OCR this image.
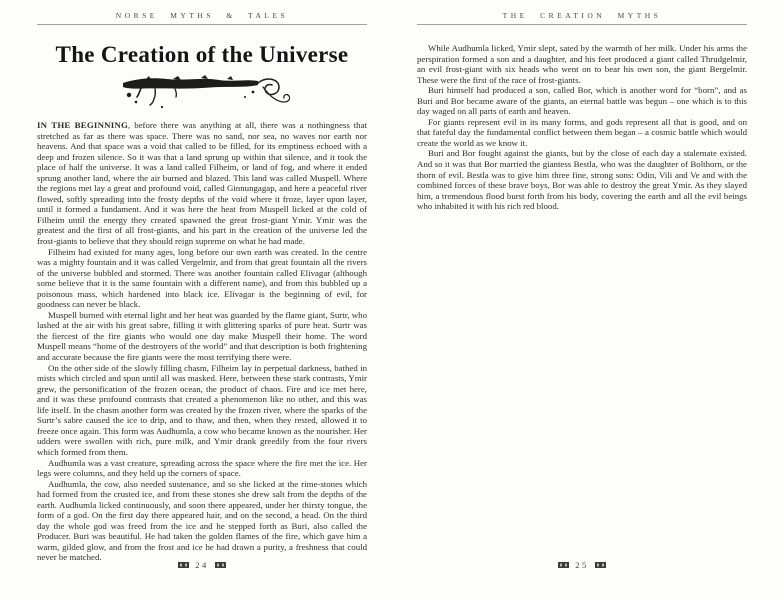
NORSE MYTHS & TALES
The Creation of the Universe

IN THE BEGINNING, before there was anything at all, there was a nothingness that stretched as far as there was space. There was no sand, nor sea, no waves nor earth nor heavens. And that space was a void that called to be filled, for its emptiness echoed with a deep and frozen silence. So it was that a land sprung up within that silence, and it took the place of half the universe. It was a land called Filheim, or land of fog, and where it ended sprung another land, where the air burned and blazed. This land was called Muspell. Where the regions met lay a great and profound void, called Ginnungagap, and here a peaceful river flowed, softly spreading into the frosty depths of the void where it froze, layer upon layer, until it formed a fundament. And it was here the heat from Muspell licked at the cold of Filheim until the energy they created spawned the great frost-giant Ymir. Ymir was the greatest and the first of all frost-giants, and his part in the creation of the universe led the frost-giants to believe that they should reign supreme on what he had made.

Filheim had existed for many ages, long before our own earth was created. In the centre was a mighty fountain and it was called Vergelmir, and from that great fountain all the rivers of the universe bubbled and stormed. There was another fountain called Elivagar (although some believe that it is the same fountain with a different name), and from this bubbled up a poisonous mass, which hardened into black ice. Elivagar is the beginning of evil, for goodness can never be black.

Muspell burned with eternal light and her heat was guarded by the flame giant, Surtr, who lashed at the air with his great sabre, filling it with glittering sparks of pure heat. Surtr was the fiercest of the fire giants who would one day make Muspell their home. The word Muspell means “home of the destroyers of the world” and that description is both frightening and accurate because the fire giants were the most terrifying there were.

On the other side of the slowly filling chasm, Filheim lay in perpetual darkness, bathed in mists which circled and spun until all was masked. Here, between these stark contrasts, Ymir grew, the personification of the frozen ocean, the product of chaos. Fire and ice met here, and it was these profound contrasts that created a phenomenon like no other, and this was life itself. In the chasm another form was created by the frozen river, where the sparks of the Surtr’s sabre caused the ice to drip, and to thaw, and then, when they rested, allowed it to freeze once again. This form was Audhumla, a cow who became known as the nourisher. Her udders were swollen with rich, pure milk, and Ymir drank greedily from the four rivers which formed from them.

Audhumla was a vast creature, spreading across the space where the fire met the ice. Her legs were columns, and they held up the corners of space.

Audhumla, the cow, also needed sustenance, and so she licked at the rime-stones which had formed from the crusted ice, and from these stones she drew salt from the depths of the earth. Audhumla licked continuously, and soon there appeared, under her thirsty tongue, the form of a god. On the first day there appeared hair, and on the second, a head. On the third day the whole god was freed from the ice and he stepped forth as Buri, also called the Producer. Buri was beautiful. He had taken the golden flames of the fire, which gave him a warm, gilded glow, and from the frost and ice he had drawn a purity, a freshness that could never be matched.

24
THE CREATION MYTHS

While Audhumla licked, Ymir slept, sated by the warmth of her milk. Under his arms the perspiration formed a son and a daughter, and his feet produced a giant called Thrudgelmir, an evil frost-giant with six heads who went on to bear his own son, the giant Bergelmir. These were the first of the race of frost-giants.

Buri himself had produced a son, called Bor, which is another word for “born”, and as Buri and Bor became aware of the giants, an eternal battle was begun – one which is to this day waged on all parts of earth and heaven.

For giants represent evil in its many forms, and gods represent all that is good, and on that fateful day the fundamental conflict between them began – a cosmic battle which would create the world as we know it.

Buri and Bor fought against the giants, but by the close of each day a stalemate existed. And so it was that Bor married the giantess Bestla, who was the daughter of Bolthorn, or the thorn of evil. Bestla was to give him three fine, strong sons: Odin, Vili and Ve and with the combined forces of these brave boys, Bor was able to destroy the great Ymir. As they slayed him, a tremendous flood burst forth from his body, covering the earth and all the evil beings who inhabited it with his rich red blood.

25
